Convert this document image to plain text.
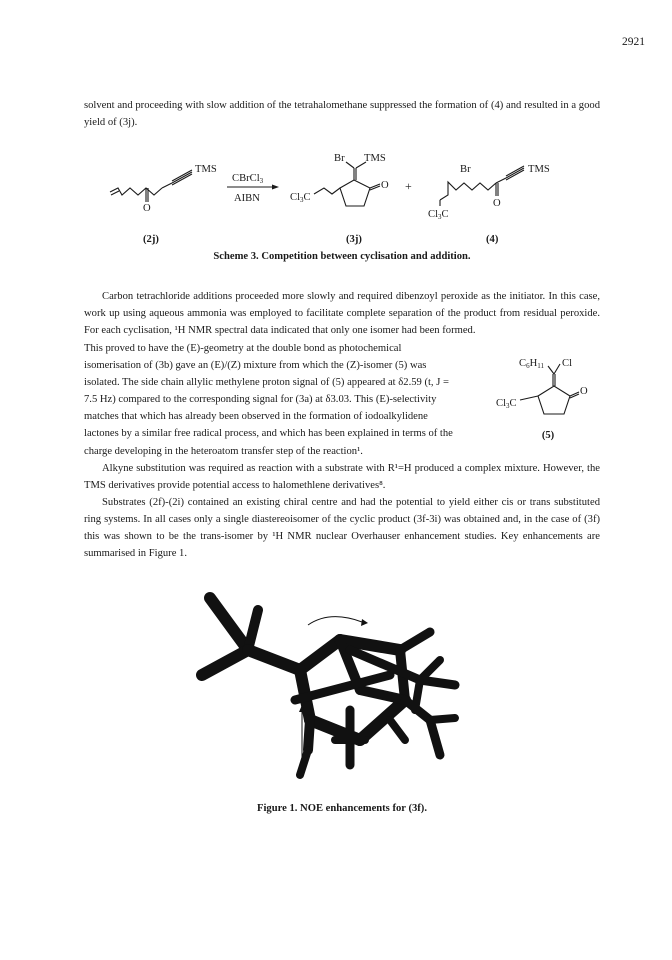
2921

solvent and proceeding with slow addition of the tetrahalomethane suppressed the formation of (4) and resulted in a good yield of (3j).

TMS
O
CBrCl3
AIBN
Br TMS
O
Cl3C
+
Br	TMS
O
Cl3C
(2j)	(3j)	(4)
Scheme 3. Competition between cyclisation and addition.

Carbon tetrachloride additions proceeded more slowly and required dibenzoyl peroxide as the initiator. In this case, work up using aqueous ammonia was employed to facilitate complete separation of the product from residual peroxide. For each cyclisation, ¹H NMR spectral data indicated that only one isomer had been formed.

This proved to have the (E)-geometry at the double bond as photochemical

isomerisation of (3b) gave an (E)/(Z) mixture from which the (Z)-isomer (5) was

isolated. The side chain allylic methylene proton signal of (5) appeared at δ2.59 (t, J =

7.5 Hz) compared to the corresponding signal for (3a) at δ3.03. This (E)-selectivity

matches that which has already been observed in the formation of iodoalkylidene

lactones by a similar free radical process, and which has been explained in terms of the

charge developing in the heteroatom transfer step of the reaction¹.

C6H11 Cl
O
Cl3C
(5)

Alkyne substitution was required as reaction with a substrate with R¹=H produced a complex mixture. However, the TMS derivatives provide potential access to halomethlene derivatives⁸.

Substrates (2f)-(2i) contained an existing chiral centre and had the potential to yield either cis or trans substituted ring systems. In all cases only a single diastereoisomer of the cyclic product (3f-3i) was obtained and, in the case of (3f) this was shown to be the trans-isomer by ¹H NMR nuclear Overhauser enhancement studies. Key enhancements are summarised in Figure 1.

Figure 1. NOE enhancements for (3f).
